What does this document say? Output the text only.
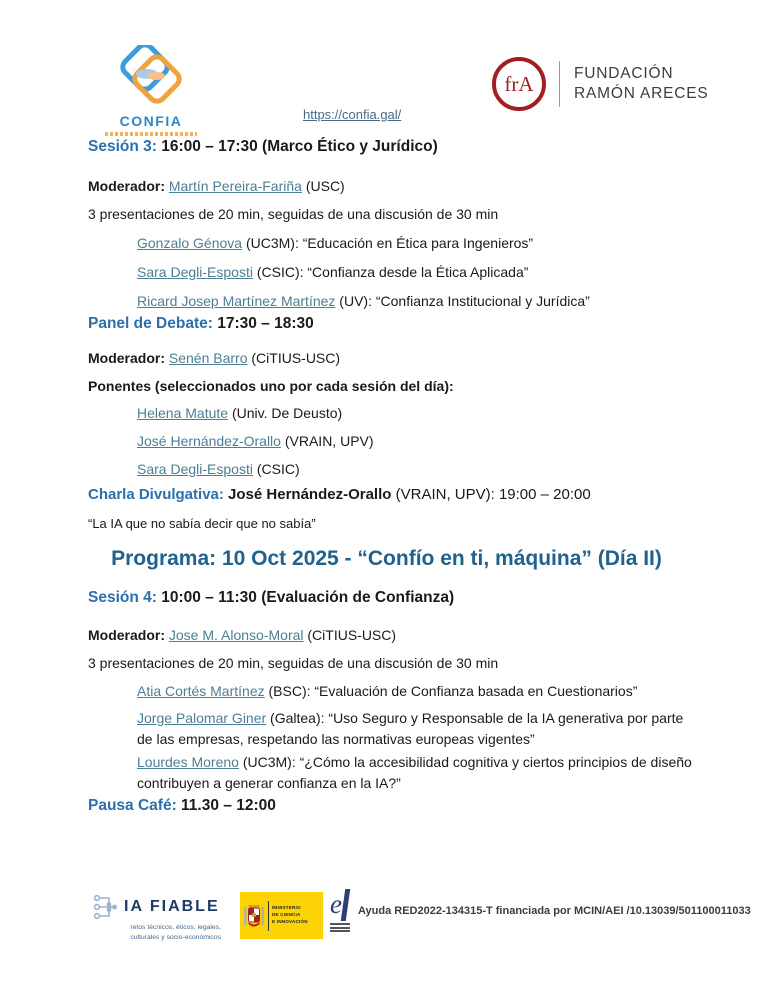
CONFIA	https://confia.gal/
frA	FUNDACIÓN
RAMÓN ARECES
Sesión 3: 16:00 – 17:30 (Marco Ético y Jurídico)
Moderador: Martín Pereira-Fariña (USC)
3 presentaciones de 20 min, seguidas de una discusión de 30 min
Gonzalo Génova (UC3M): “Educación en Ética para Ingenieros”
Sara Degli-Esposti (CSIC): “Confianza desde la Ética Aplicada”
Ricard Josep Martínez Martínez (UV): “Confianza Institucional y Jurídica”
Panel de Debate: 17:30 – 18:30
Moderador: Senén Barro (CiTIUS-USC)
Ponentes (seleccionados uno por cada sesión del día):
Helena Matute (Univ. De Deusto)
José Hernández-Orallo (VRAIN, UPV)
Sara Degli-Esposti (CSIC)
Charla Divulgativa: José Hernández-Orallo (VRAIN, UPV): 19:00 – 20:00
“La IA que no sabía decir que no sabía”
Programa: 10 Oct 2025 - “Confío en ti, máquina” (Día II)
Sesión 4: 10:00 – 11:30 (Evaluación de Confianza)
Moderador: Jose M. Alonso-Moral (CiTIUS-USC)
3 presentaciones de 20 min, seguidas de una discusión de 30 min
Atia Cortés Martínez (BSC): “Evaluación de Confianza basada en Cuestionarios”
Jorge Palomar Giner (Galtea): “Uso Seguro y Responsable de la IA generativa por parte de las empresas, respetando las normativas europeas vigentes”
Lourdes Moreno (UC3M): “¿Cómo la accesibilidad cognitiva y ciertos principios de diseño contribuyen a generar confianza en la IA?”
Pausa Café: 11.30 – 12:00
IA FIABLE
retos técnicos, éticos, legales,
culturales y socio-económicos
MINISTERIO
DE CIENCIA
E INNOVACIÓN
e Ayuda RED2022-134315-T financiada por MCIN/AEI /10.13039/501100011033
